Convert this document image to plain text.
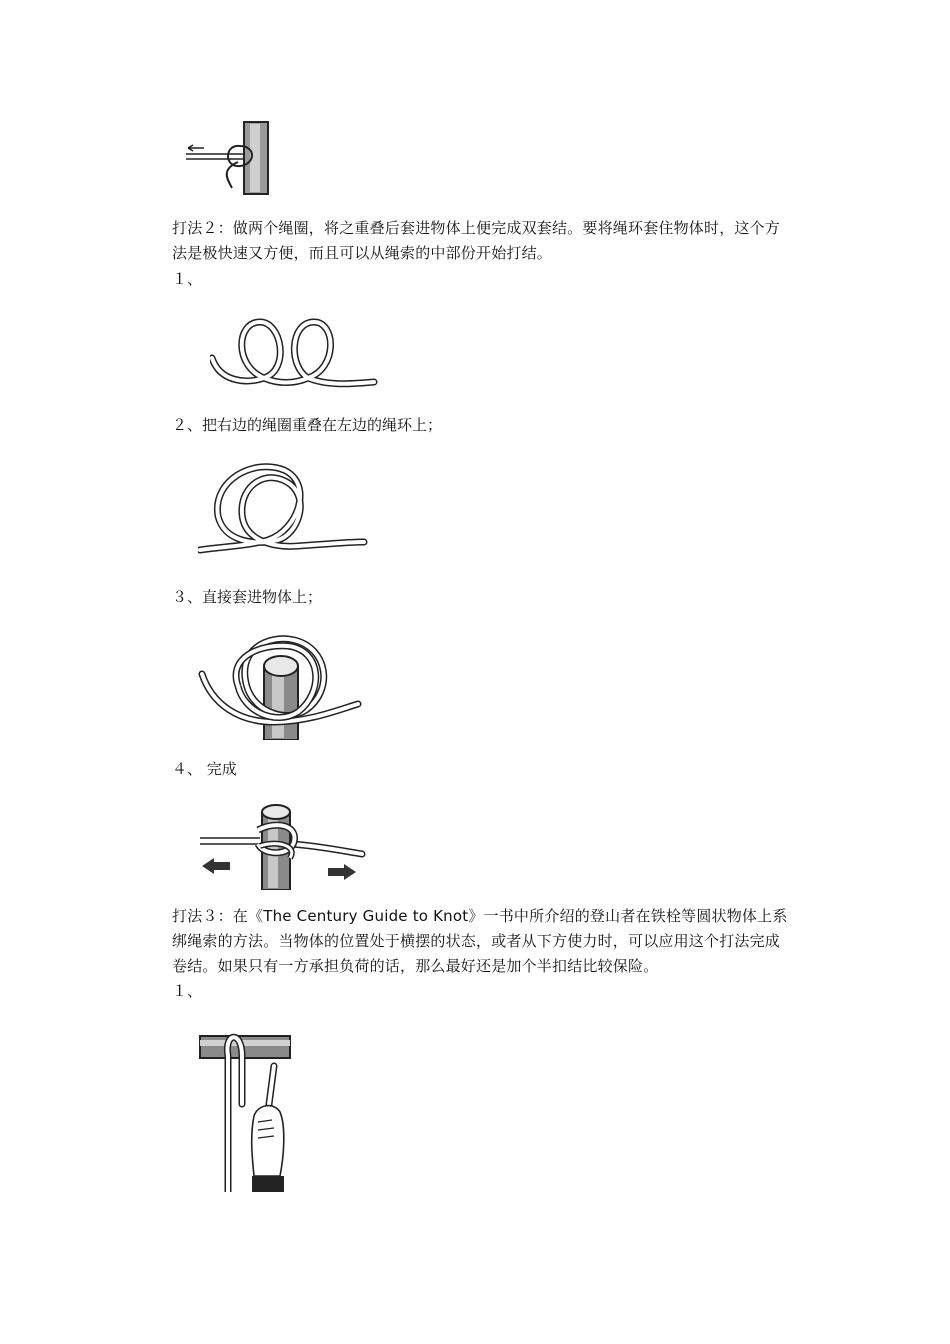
打法２：做两个绳圈，将之重叠后套进物体上便完成双套结。要将绳环套住物体时，这个方法是极快速又方便，而且可以从绳索的中部份开始打结。
１、
２、把右边的绳圈重叠在左边的绳环上；
３、直接套进物体上；
４、 完成
打法３：在《The Century Guide to Knot》一书中所介绍的登山者在铁栓等圆状物体上系绑绳索的方法。当物体的位置处于横摆的状态，或者从下方使力时，可以应用这个打法完成卷结。如果只有一方承担负荷的话，那么最好还是加个半扣结比较保险。
１、
